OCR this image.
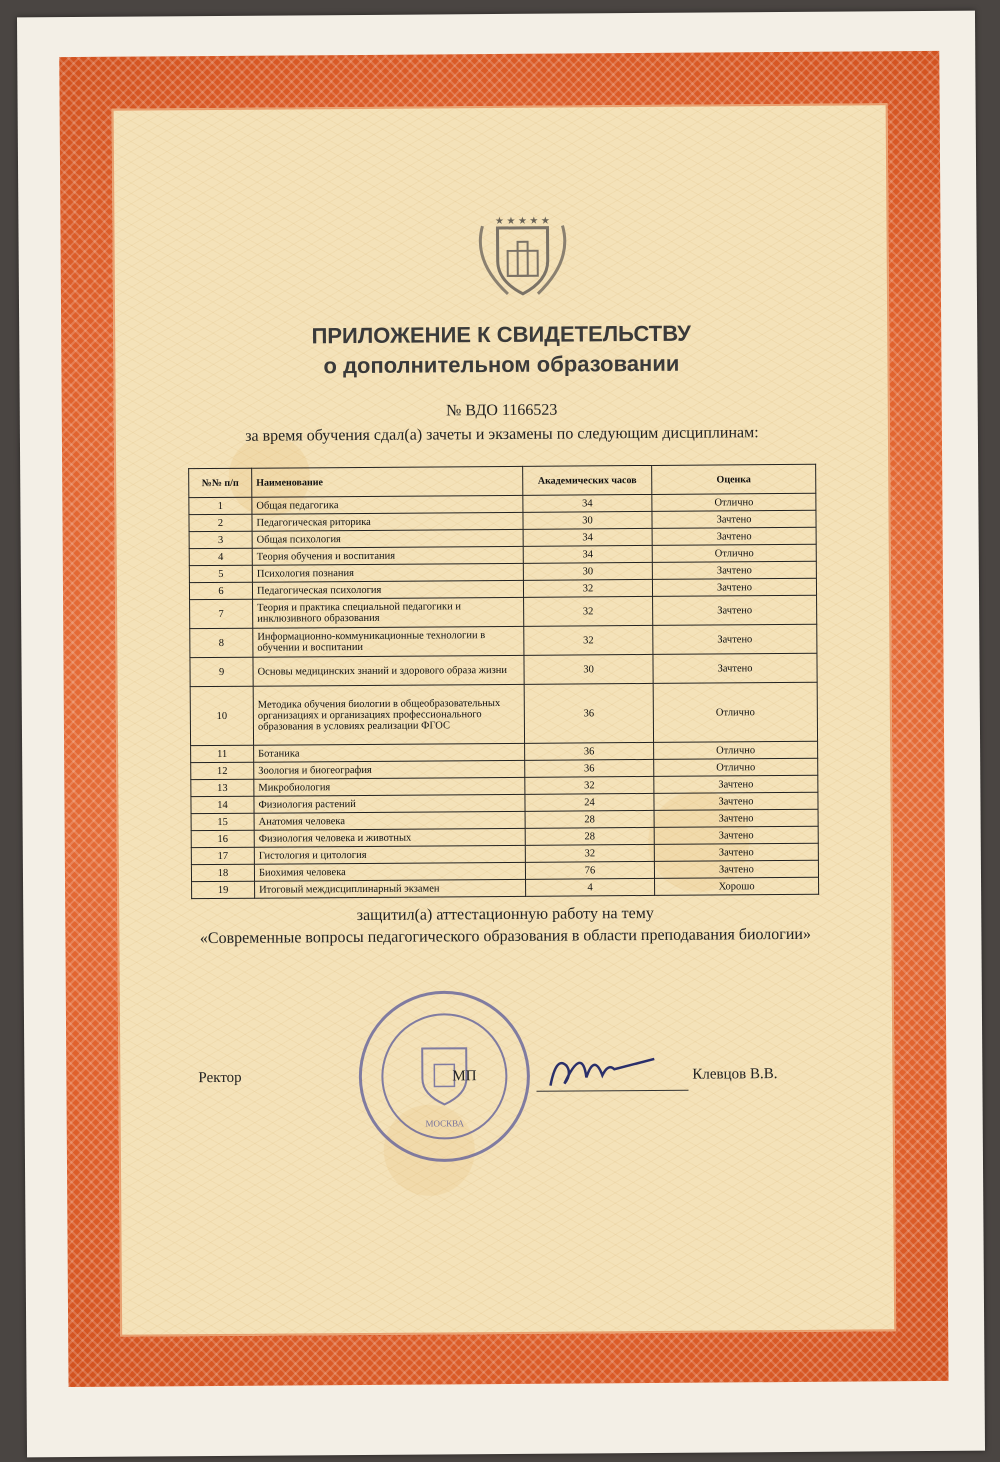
★ ★ ★ ★ ★
ПРИЛОЖЕНИЕ К СВИДЕТЕЛЬСТВУ
о дополнительном образовании
№ ВДО 1166523
за время обучения сдал(а) зачеты и экзамены по следующим дисциплинам:
№№ п/п	Наименование	Академических часов	Оценка
1	Общая педагогика	34	Отлично
2	Педагогическая риторика	30	Зачтено
3	Общая психология	34	Зачтено
4	Теория обучения и воспитания	34	Отлично
5	Психология познания	30	Зачтено
6	Педагогическая психология	32	Зачтено
7	Теория и практика специальной педагогики и инклюзивного образования	32	Зачтено
8	Информационно-коммуникационные технологии в обучении и воспитании	32	Зачтено
9	Основы медицинских знаний и здорового образа жизни	30	Зачтено
10	Методика обучения биологии в общеобразовательных организациях и организациях профессионального образования в условиях реализации ФГОС	36	Отлично
11	Ботаника	36	Отлично
12	Зоология и биогеография	36	Отлично
13	Микробиология	32	Зачтено
14	Физиология растений	24	Зачтено
15	Анатомия человека	28	Зачтено
16	Физиология человека и животных	28	Зачтено
17	Гистология и цитология	32	Зачтено
18	Биохимия человека	76	Зачтено
19	Итоговый междисциплинарный экзамен	4	Хорошо
защитил(а) аттестационную работу на тему
«Современные вопросы педагогического образования в области преподавания биологии»
МОСКВА
Ректор	МП	Клевцов В.В.
